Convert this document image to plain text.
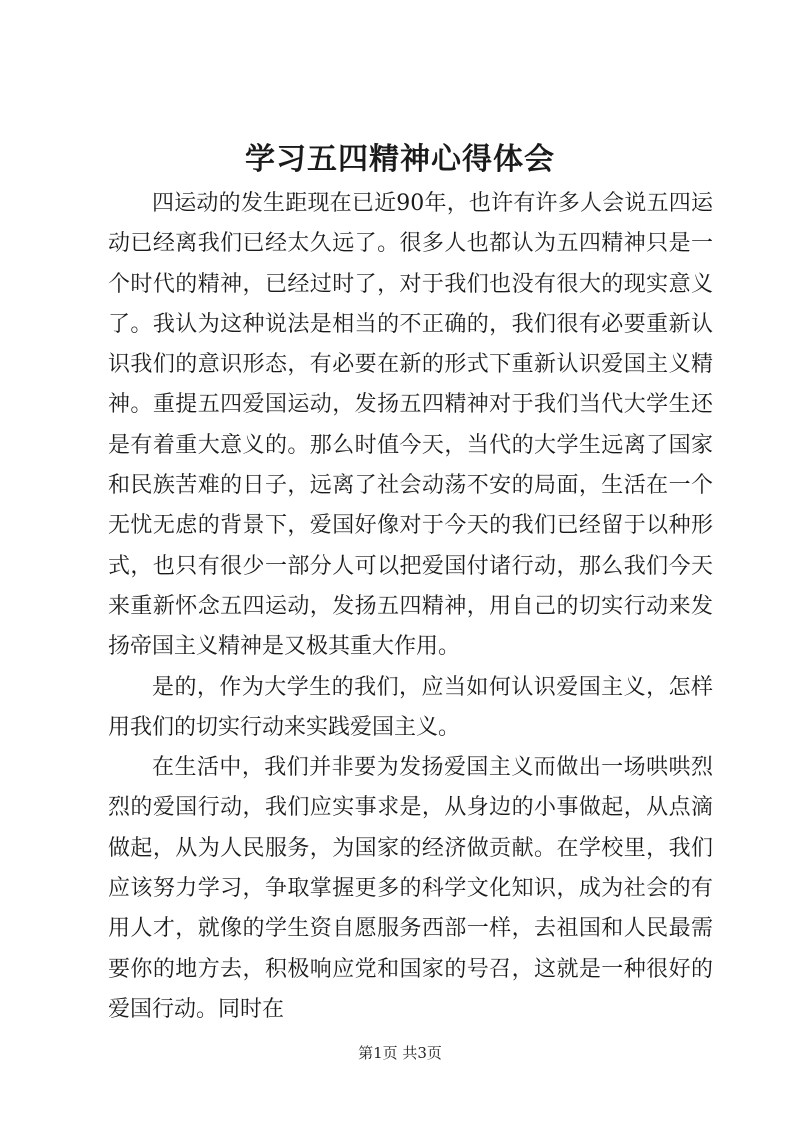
学习五四精神心得体会

四运动的发生距现在已近90年，也许有许多人会说五四运动已经离我们已经太久远了。很多人也都认为五四精神只是一个时代的精神，已经过时了，对于我们也没有很大的现实意义了。我认为这种说法是相当的不正确的，我们很有必要重新认识我们的意识形态，有必要在新的形式下重新认识爱国主义精神。重提五四爱国运动，发扬五四精神对于我们当代大学生还是有着重大意义的。那么时值今天，当代的大学生远离了国家和民族苦难的日子，远离了社会动荡不安的局面，生活在一个无忧无虑的背景下，爱国好像对于今天的我们已经留于以种形式，也只有很少一部分人可以把爱国付诸行动，那么我们今天来重新怀念五四运动，发扬五四精神，用自己的切实行动来发扬帝国主义精神是又极其重大作用。

是的，作为大学生的我们，应当如何认识爱国主义，怎样用我们的切实行动来实践爱国主义。

在生活中，我们并非要为发扬爱国主义而做出一场哄哄烈烈的爱国行动，我们应实事求是，从身边的小事做起，从点滴做起，从为人民服务，为国家的经济做贡献。在学校里，我们应该努力学习，争取掌握更多的科学文化知识，成为社会的有用人才，就像的学生资自愿服务西部一样，去祖国和人民最需要你的地方去，积极响应党和国家的号召，这就是一种很好的爱国行动。同时在

第1页 共3页
